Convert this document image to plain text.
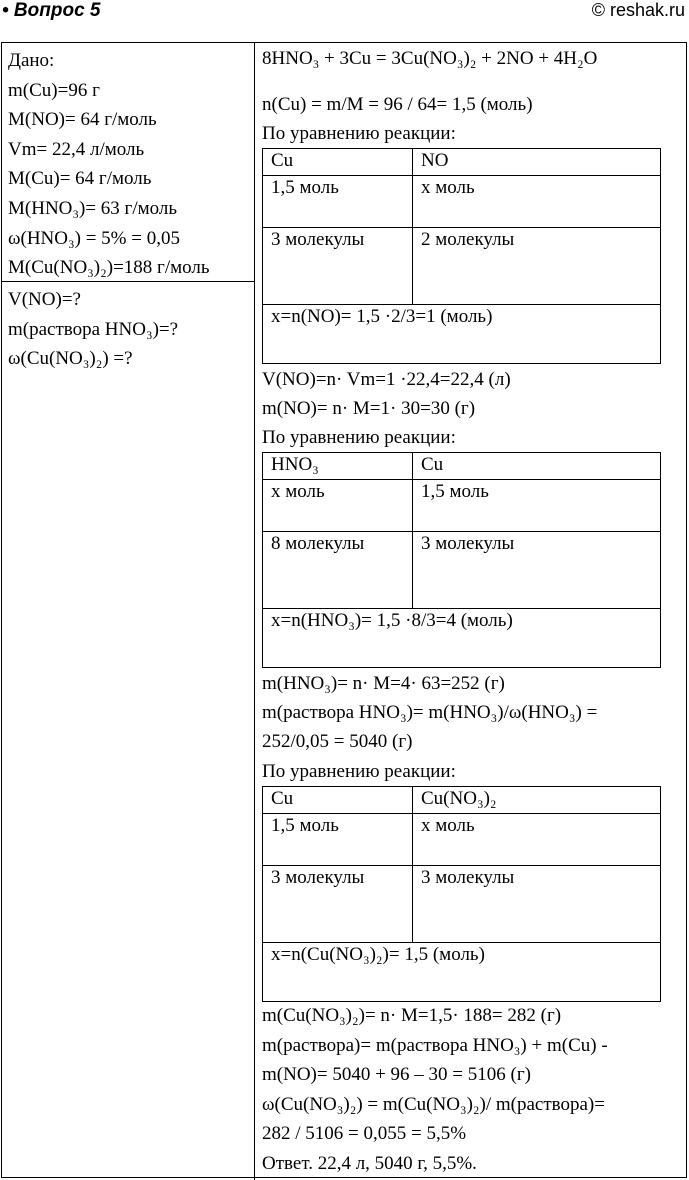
• Вопрос 5	© reshak.ru
Дано:
m(Cu)=96 г
M(NO)= 64 г/моль
Vm= 22,4 л/моль
M(Cu)= 64 г/моль
M(HNO₃)= 63 г/моль
ω(HNO₃) = 5% = 0,05
M(Cu(NO₃)₂)=188 г/моль
V(NO)=?
m(раствора HNO₃)=?
ω(Cu(NO₃)₂) =?
8HNO₃ + 3Cu = 3Cu(NO₃)₂ + 2NO + 4H₂O
n(Cu) = m/M = 96 / 64= 1,5 (моль)
По уравнению реакции:
Cu	NO
1,5 моль	x моль
3 молекулы	2 молекулы
x=n(NO)= 1,5 ·2/3=1 (моль)	
V(NO)=n· Vm=1 ·22,4=22,4 (л)
m(NO)= n· M=1· 30=30 (г)
По уравнению реакции:
HNO₃	Cu
x моль	1,5 моль
8 молекулы	3 молекулы
x=n(HNO₃)= 1,5 ·8/3=4 (моль)	
m(HNO₃)= n· M=4· 63=252 (г)
m(раствора HNO₃)= m(HNO₃)/ω(HNO₃) =
252/0,05 = 5040 (г)
По уравнению реакции:
Cu	Cu(NO₃)₂
1,5 моль	x моль
3 молекулы	3 молекулы
x=n(Cu(NO₃)₂)= 1,5 (моль)	
m(Cu(NO₃)₂)= n· M=1,5· 188= 282 (г)
m(раствора)= m(раствора HNO₃) + m(Cu) -
m(NO)= 5040 + 96 – 30 = 5106 (г)
ω(Cu(NO₃)₂) = m(Cu(NO₃)₂)/ m(раствора)=
282 / 5106 = 0,055 = 5,5%
Ответ. 22,4 л, 5040 г, 5,5%.
